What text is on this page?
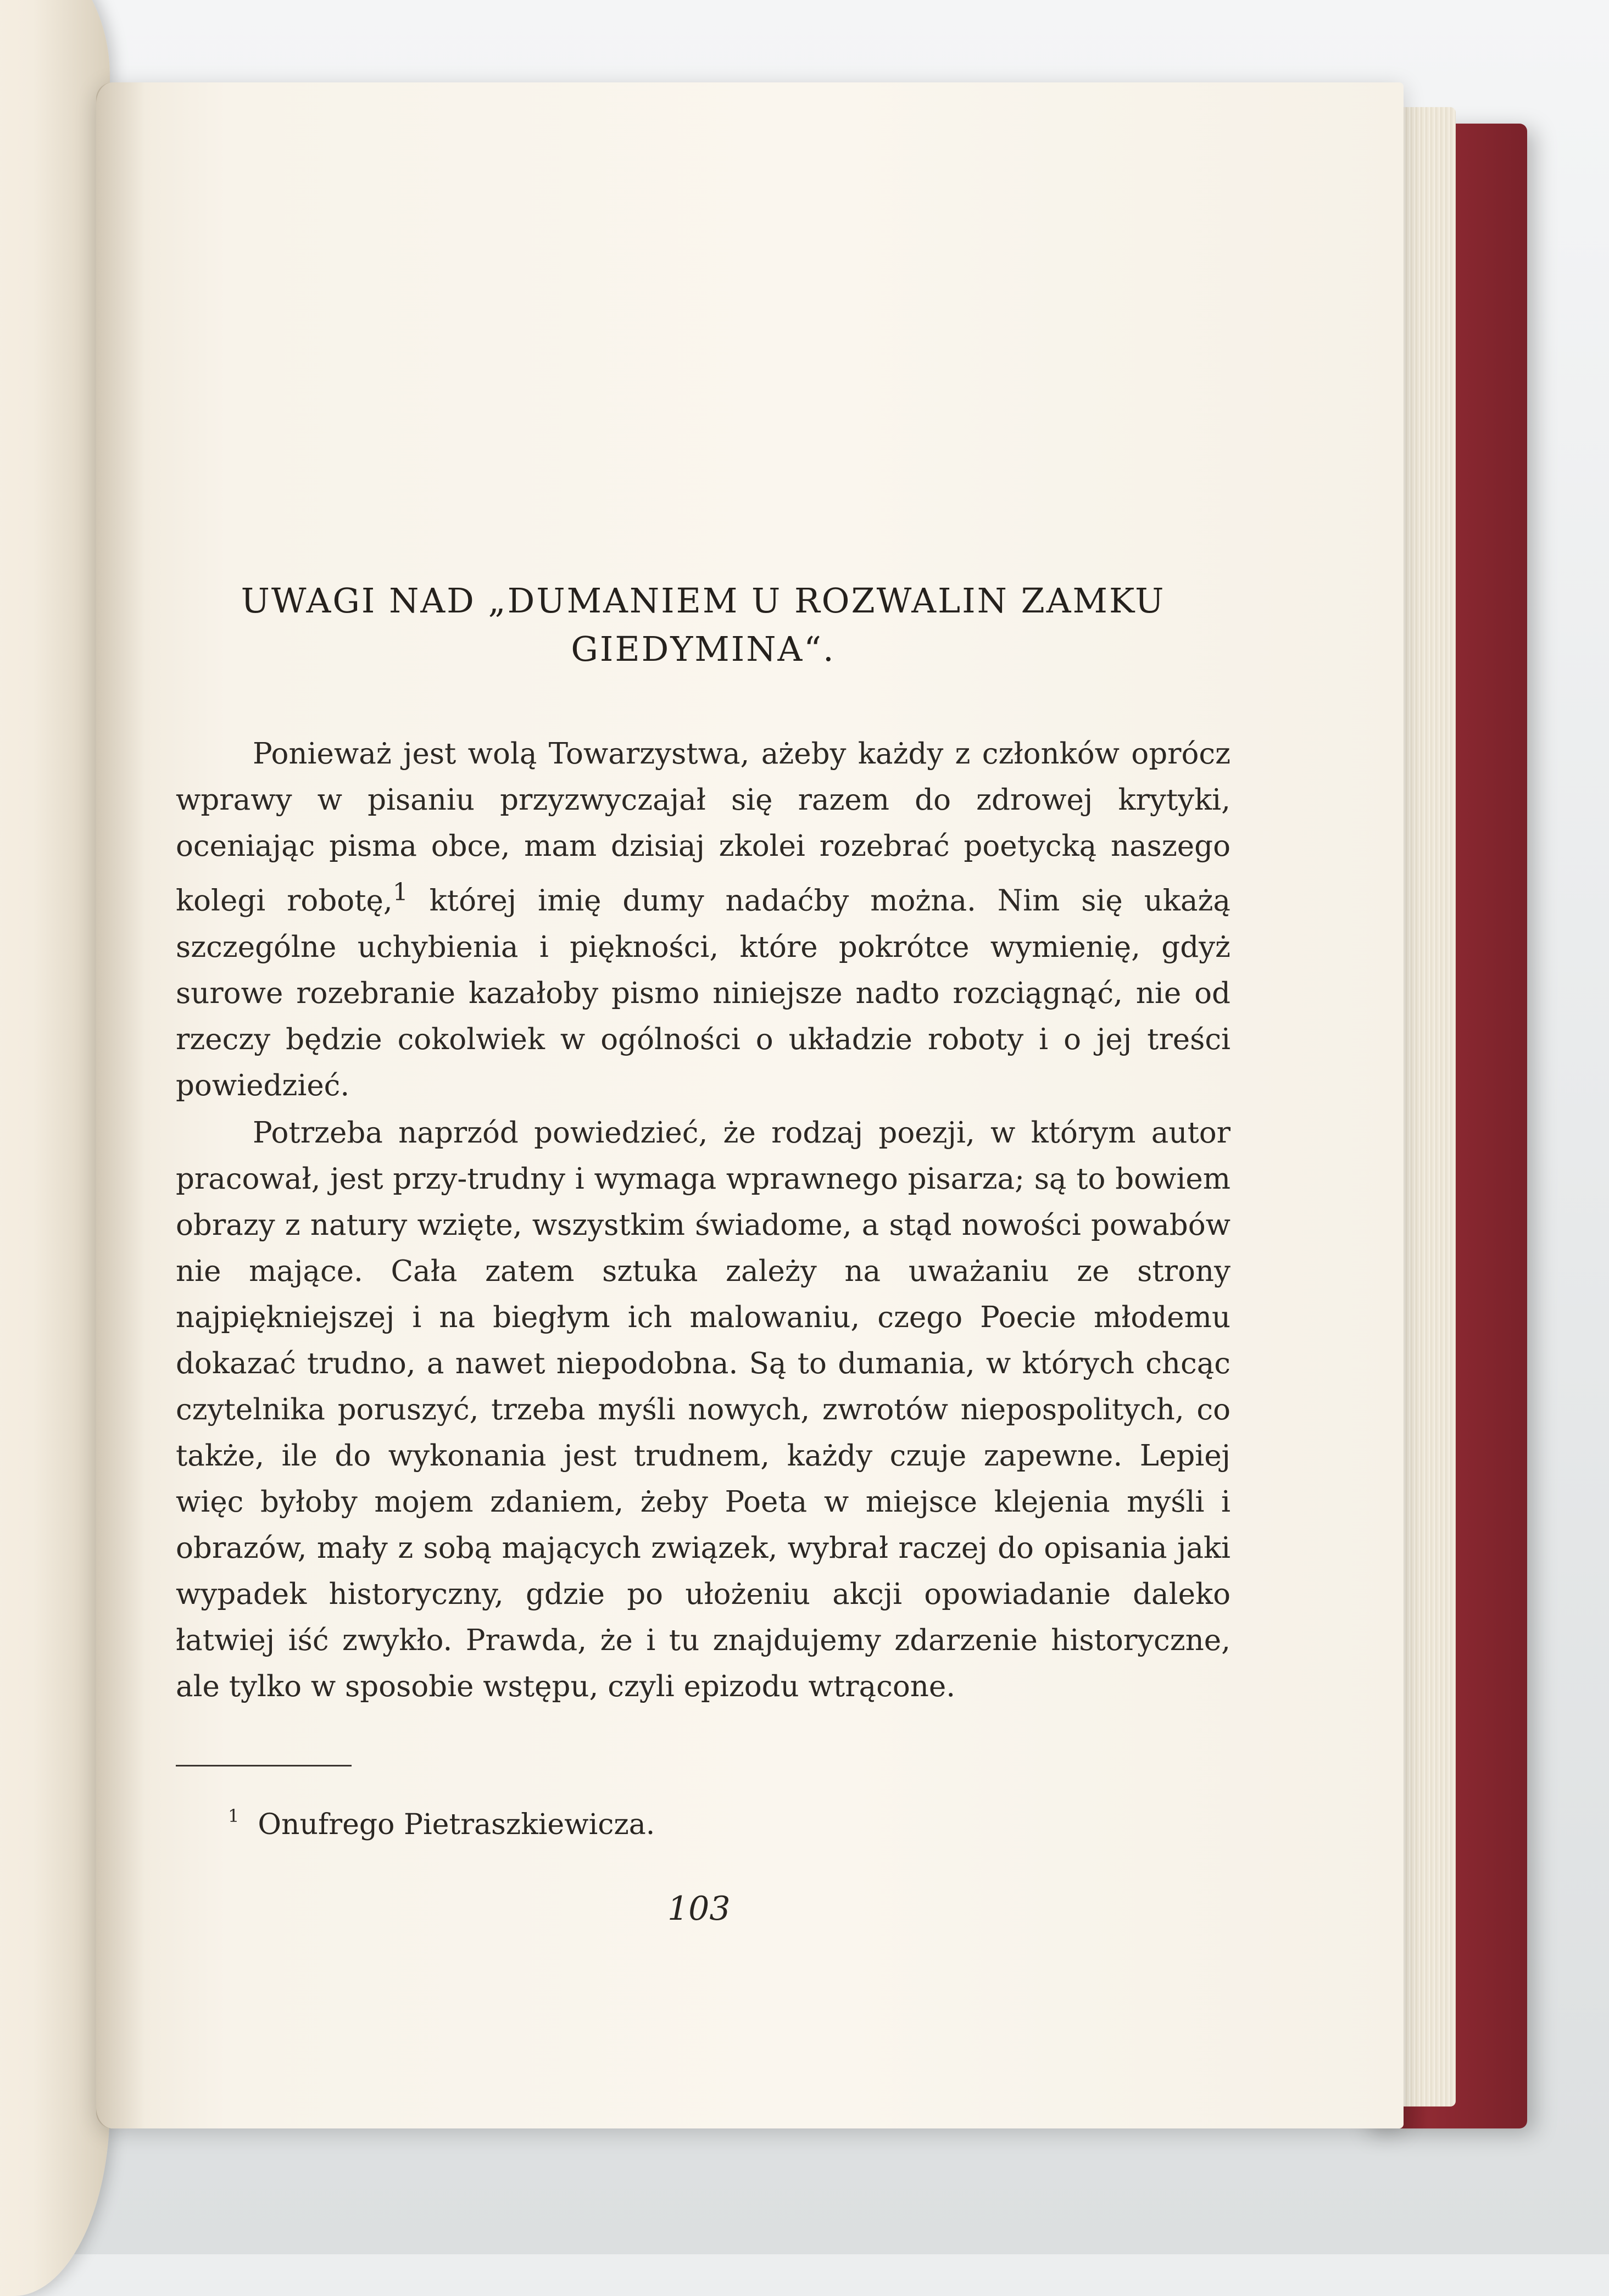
UWAGI NAD „DUMANIEM U ROZWALIN ZAMKU
GIEDYMINA“.

Ponieważ jest wolą Towarzystwa, ażeby każdy z członków oprócz wprawy w pisaniu przyzwyczajał się razem do zdrowej krytyki, oceniając pisma obce, mam dzisiaj zkolei rozebrać poetycką naszego kolegi robotę,$^1$ której imię dumy nadaćby można. Nim się ukażą szczególne uchybienia i piękności, które pokrótce wymienię, gdyż surowe rozebranie kazałoby pismo niniejsze nadto rozciągnąć, nie od rzeczy będzie cokolwiek w ogólności o układzie roboty i o jej treści powiedzieć.

Potrzeba naprzód powiedzieć, że rodzaj poezji, w którym autor pracował, jest przy-trudny i wymaga wprawnego pisarza; są to bowiem obrazy z natury wzięte, wszystkim świadome, a stąd nowości powabów nie mające. Cała zatem sztuka zależy na uważaniu ze strony najpiękniejszej i na biegłym ich malowaniu, czego Poecie młodemu dokazać trudno, a nawet niepodobna. Są to dumania, w których chcąc czytelnika poruszyć, trzeba myśli nowych, zwrotów niepospolitych, co także, ile do wykonania jest trudnem, każdy czuje zapewne. Lepiej więc byłoby mojem zdaniem, żeby Poeta w miejsce klejenia myśli i obrazów, mały z sobą mających związek, wybrał raczej do opisania jaki wypadek historyczny, gdzie po ułożeniu akcji opowiadanie daleko łatwiej iść zwykło. Prawda, że i tu znajdujemy zdarzenie historyczne, ale tylko w sposobie wstępu, czyli epizodu wtrącone.

$^1$ Onufrego Pietraszkiewicza.
103
